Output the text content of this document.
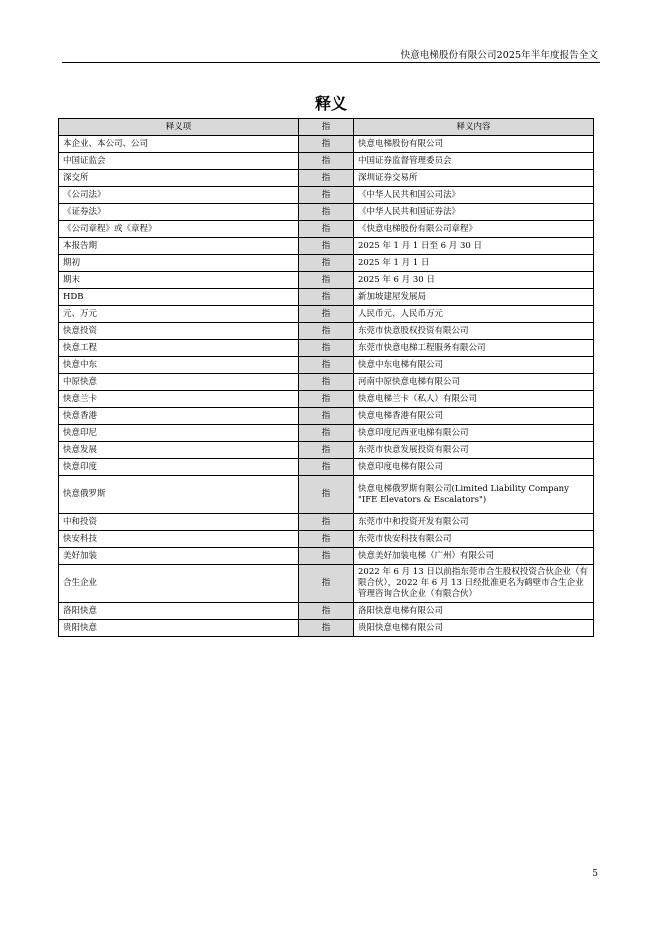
快意电梯股份有限公司2025年半年度报告全文
释义
释义项	指	释义内容
本企业、本公司、公司	指	快意电梯股份有限公司
中国证监会	指	中国证券监督管理委员会
深交所	指	深圳证券交易所
《公司法》	指	《中华人民共和国公司法》
《证券法》	指	《中华人民共和国证券法》
《公司章程》或《章程》	指	《快意电梯股份有限公司章程》
本报告期	指	2025 年 1 月 1 日至 6 月 30 日
期初	指	2025 年 1 月 1 日
期末	指	2025 年 6 月 30 日
HDB	指	新加坡建屋发展局
元、万元	指	人民币元、人民币万元
快意投资	指	东莞市快意股权投资有限公司
快意工程	指	东莞市快意电梯工程服务有限公司
快意中东	指	快意中东电梯有限公司
中原快意	指	河南中原快意电梯有限公司
快意兰卡	指	快意电梯兰卡（私人）有限公司
快意香港	指	快意电梯香港有限公司
快意印尼	指	快意印度尼西亚电梯有限公司
快意发展	指	东莞市快意发展投资有限公司
快意印度	指	快意印度电梯有限公司
快意俄罗斯	指	快意电梯俄罗斯有限公司(Limited Liability Company "IFE Elevators & Escalators")
中和投资	指	东莞市中和投资开发有限公司
快安科技	指	东莞市快安科技有限公司
美好加装	指	快意美好加装电梯（广州）有限公司
合生企业	指	2022 年 6 月 13 日以前指东莞市合生股权投资合伙企业（有限合伙），2022 年 6 月 13 日经批准更名为鹤壁市合生企业管理咨询合伙企业（有限合伙）
洛阳快意	指	洛阳快意电梯有限公司
贵阳快意	指	贵阳快意电梯有限公司
5
